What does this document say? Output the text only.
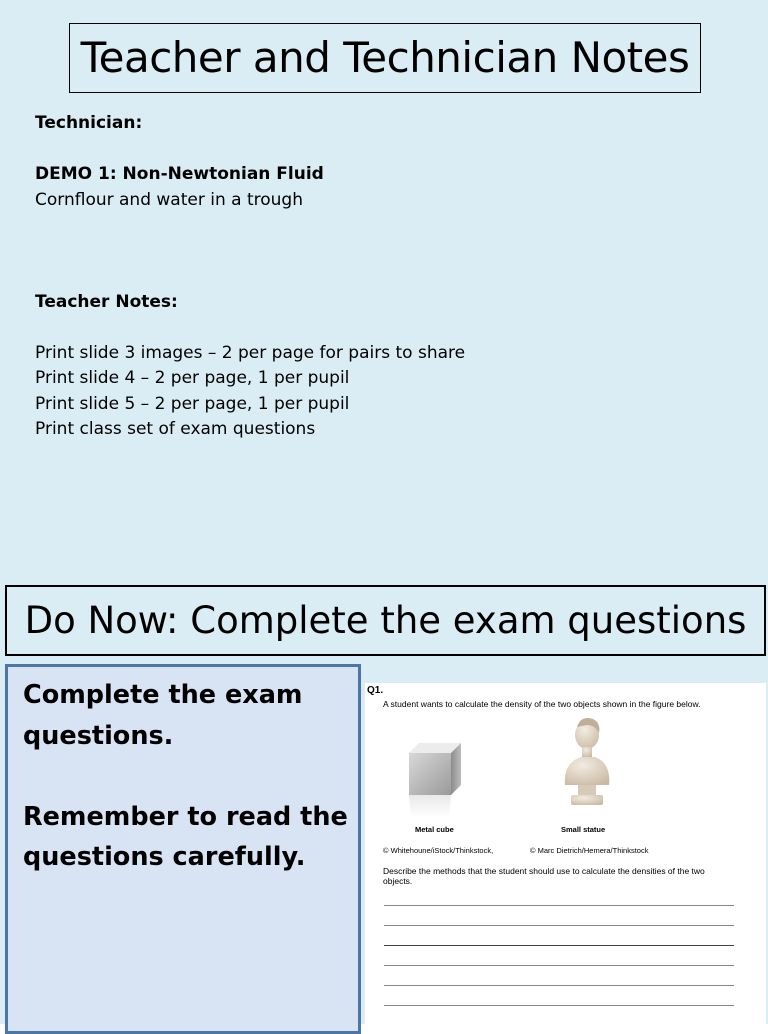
Teacher and Technician Notes
Technician:
DEMO 1: Non-Newtonian Fluid
Cornflour and water in a trough
Teacher Notes:
Print slide 3 images – 2 per page for pairs to share
Print slide 4 – 2 per page, 1 per pupil
Print slide 5 – 2 per page, 1 per pupil
Print class set of exam questions
Do Now: Complete the exam questions
Complete the exam
questions.
Remember to read the
questions carefully.
Q1.
A student wants to calculate the density of the two objects shown in the figure below.
Metal cube	Small statue
© Whitehoune/iStock/Thinkstock,	© Marc Dietrich/Hemera/Thinkstock
Describe the methods that the student should use to calculate the densities of the two objects.
